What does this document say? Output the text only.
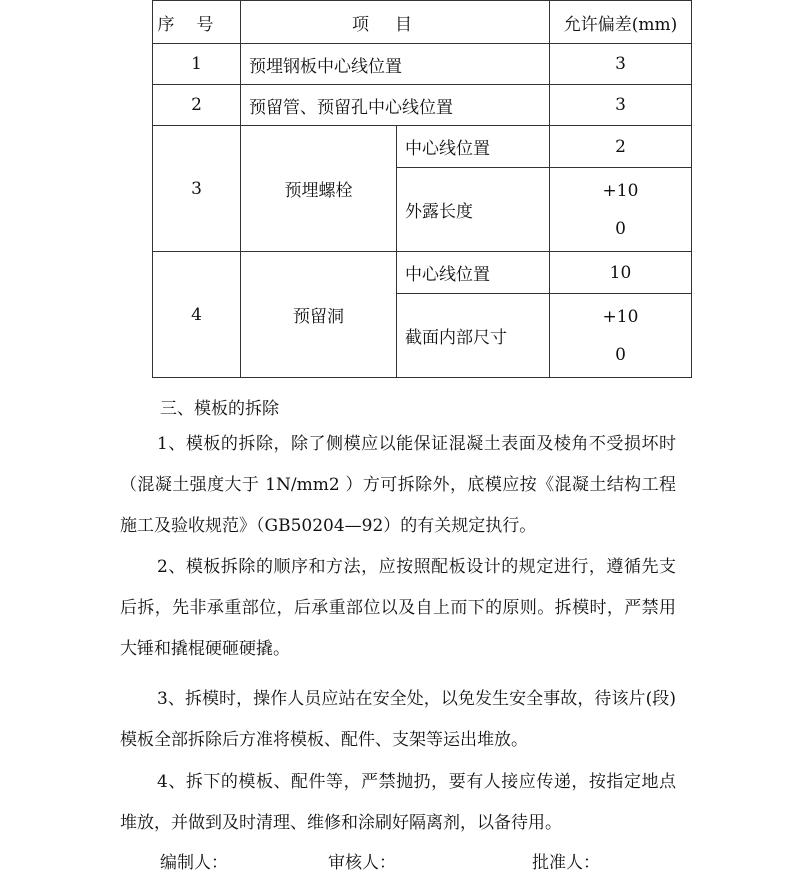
序号	项目		允许偏差(mm)
1	预埋钢板中心线位置		3
2	预留管、预留孔中心线位置		3
3	预埋螺栓	中心线位置	2
		外露长度	+10
0

4	预留洞	中心线位置	10
		截面内部尺寸	+10
0

三、模板的拆除

1、模板的拆除，除了侧模应以能保证混凝土表面及棱角不受损坏时（混凝土强度大于 1N/mm2 ）方可拆除外，底模应按《混凝土结构工程施工及验收规范》（GB50204—92）的有关规定执行。

2、模板拆除的顺序和方法，应按照配板设计的规定进行，遵循先支后拆，先非承重部位，后承重部位以及自上而下的原则。拆模时，严禁用大锤和撬棍硬砸硬撬。

3、拆模时，操作人员应站在安全处，以免发生安全事故，待该片(段)模板全部拆除后方准将模板、配件、支架等运出堆放。

4、拆下的模板、配件等，严禁抛扔，要有人接应传递，按指定地点堆放，并做到及时清理、维修和涂刷好隔离剂，以备待用。

编制人：	审核人：	批准人：
